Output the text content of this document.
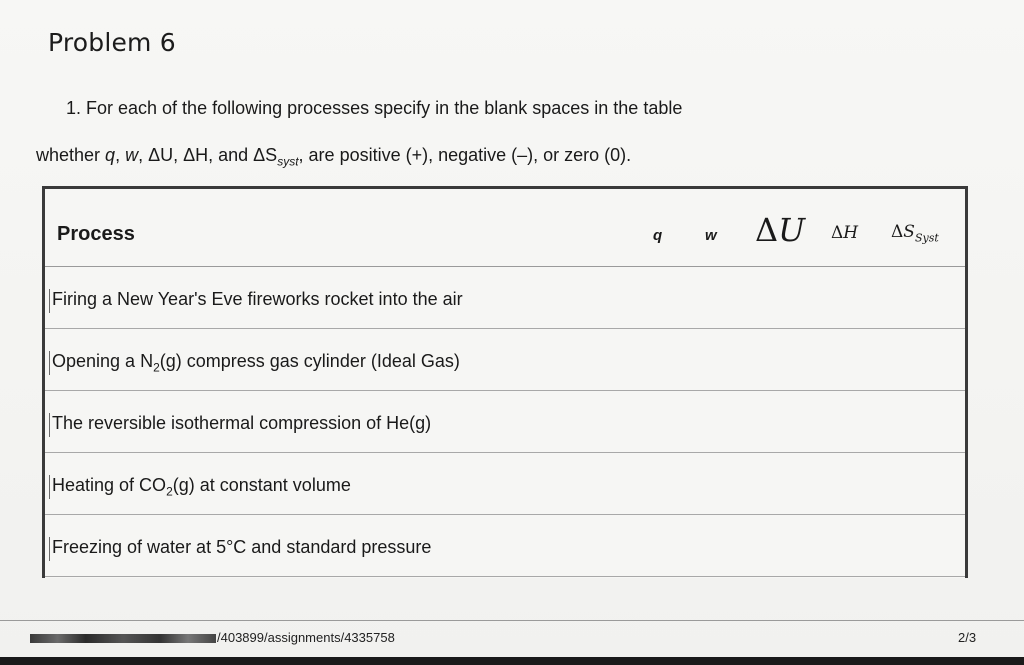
Problem 6
1. For each of the following processes specify in the blank spaces in the table
whether q, w, ΔU, ΔH, and $\Delta S_{syst}$, are positive (+), negative (–), or zero (0).
Process	q	w ΔU ΔH $\Delta S_{Syst}$
Firing a New Year's Eve fireworks rocket into the air
Opening a $N_2(g)$ compress gas cylinder (Ideal Gas)
The reversible isothermal compression of He(g)
Heating of $CO_2(g)$ at constant volume
Freezing of water at 5°C and standard pressure
/403899/assignments/4335758	2/3
